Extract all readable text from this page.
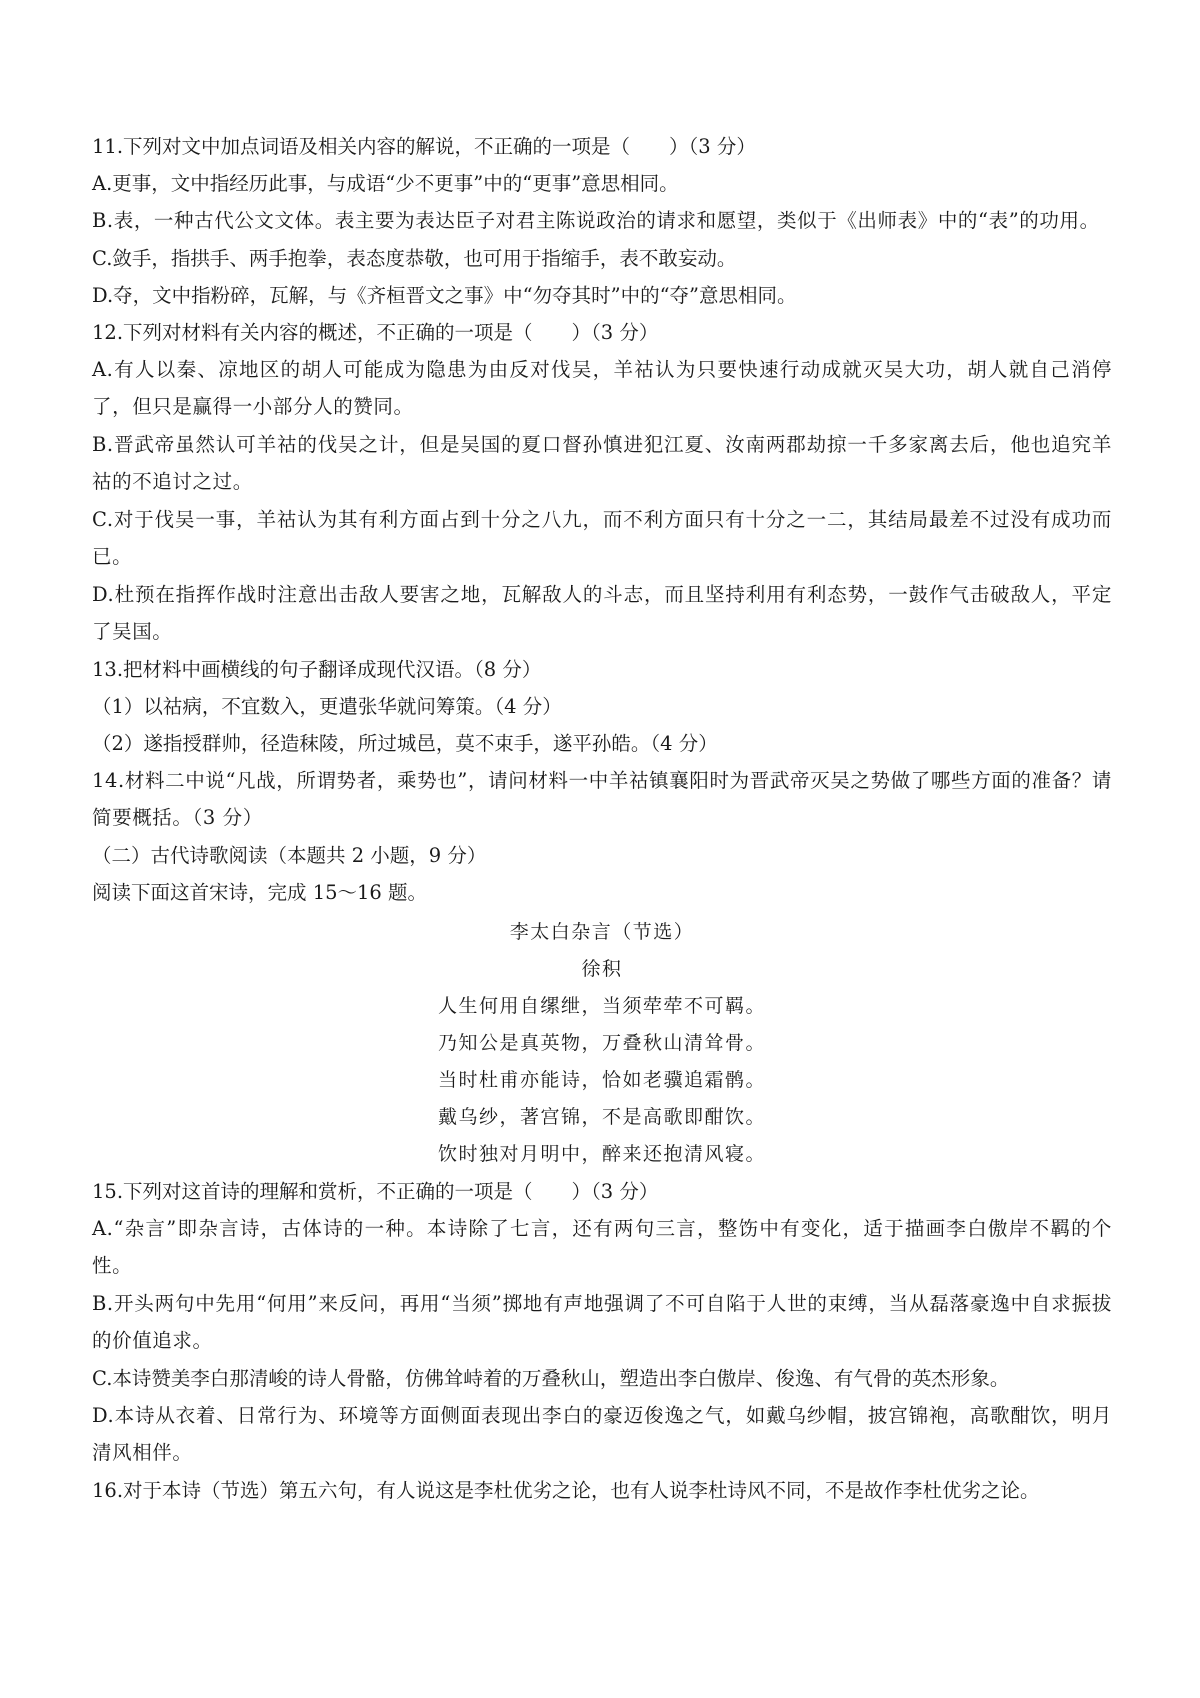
11.下列对文中加点词语及相关内容的解说，不正确的一项是（　　）（3 分）

A.更事，文中指经历此事，与成语“少不更事”中的“更事”意思相同。

B.表，一种古代公文文体。表主要为表达臣子对君主陈说政治的请求和愿望，类似于《出师表》中的“表”的功用。

C.敛手，指拱手、两手抱拳，表态度恭敬，也可用于指缩手，表不敢妄动。

D.夺，文中指粉碎，瓦解，与《齐桓晋文之事》中“勿夺其时”中的“夺”意思相同。

12.下列对材料有关内容的概述，不正确的一项是（　　）（3 分）

A.有人以秦、凉地区的胡人可能成为隐患为由反对伐吴，羊祜认为只要快速行动成就灭吴大功，胡人就自己消停了，但只是赢得一小部分人的赞同。

B.晋武帝虽然认可羊祜的伐吴之计，但是吴国的夏口督孙慎进犯江夏、汝南两郡劫掠一千多家离去后，他也追究羊祜的不追讨之过。

C.对于伐吴一事，羊祜认为其有利方面占到十分之八九，而不利方面只有十分之一二，其结局最差不过没有成功而已。

D.杜预在指挥作战时注意出击敌人要害之地，瓦解敌人的斗志，而且坚持利用有利态势，一鼓作气击破敌人，平定了吴国。

13.把材料中画横线的句子翻译成现代汉语。（8 分）

（1）以祜病，不宜数入，更遣张华就问筹策。（4 分）

（2）遂指授群帅，径造秣陵，所过城邑，莫不束手，遂平孙皓。（4 分）

14.材料二中说“凡战，所谓势者，乘势也”，请问材料一中羊祜镇襄阳时为晋武帝灭吴之势做了哪些方面的准备？请简要概括。（3 分）

（二）古代诗歌阅读（本题共 2 小题，9 分）

阅读下面这首宋诗，完成 15～16 题。

李太白杂言（节选）

徐积

人生何用自缧绁，当须荦荦不可羁。

乃知公是真英物，万叠秋山清耸骨。

当时杜甫亦能诗，恰如老骥追霜鹘。

戴乌纱，著宫锦，不是高歌即酣饮。

饮时独对月明中，醉来还抱清风寝。

15.下列对这首诗的理解和赏析，不正确的一项是（　　）（3 分）

A.“杂言”即杂言诗，古体诗的一种。本诗除了七言，还有两句三言，整饬中有变化，适于描画李白傲岸不羁的个性。

B.开头两句中先用“何用”来反问，再用“当须”掷地有声地强调了不可自陷于人世的束缚，当从磊落豪逸中自求振拔的价值追求。

C.本诗赞美李白那清峻的诗人骨骼，仿佛耸峙着的万叠秋山，塑造出李白傲岸、俊逸、有气骨的英杰形象。

D.本诗从衣着、日常行为、环境等方面侧面表现出李白的豪迈俊逸之气，如戴乌纱帽，披宫锦袍，高歌酣饮，明月清风相伴。

16.对于本诗（节选）第五六句，有人说这是李杜优劣之论，也有人说李杜诗风不同，不是故作李杜优劣之论。
